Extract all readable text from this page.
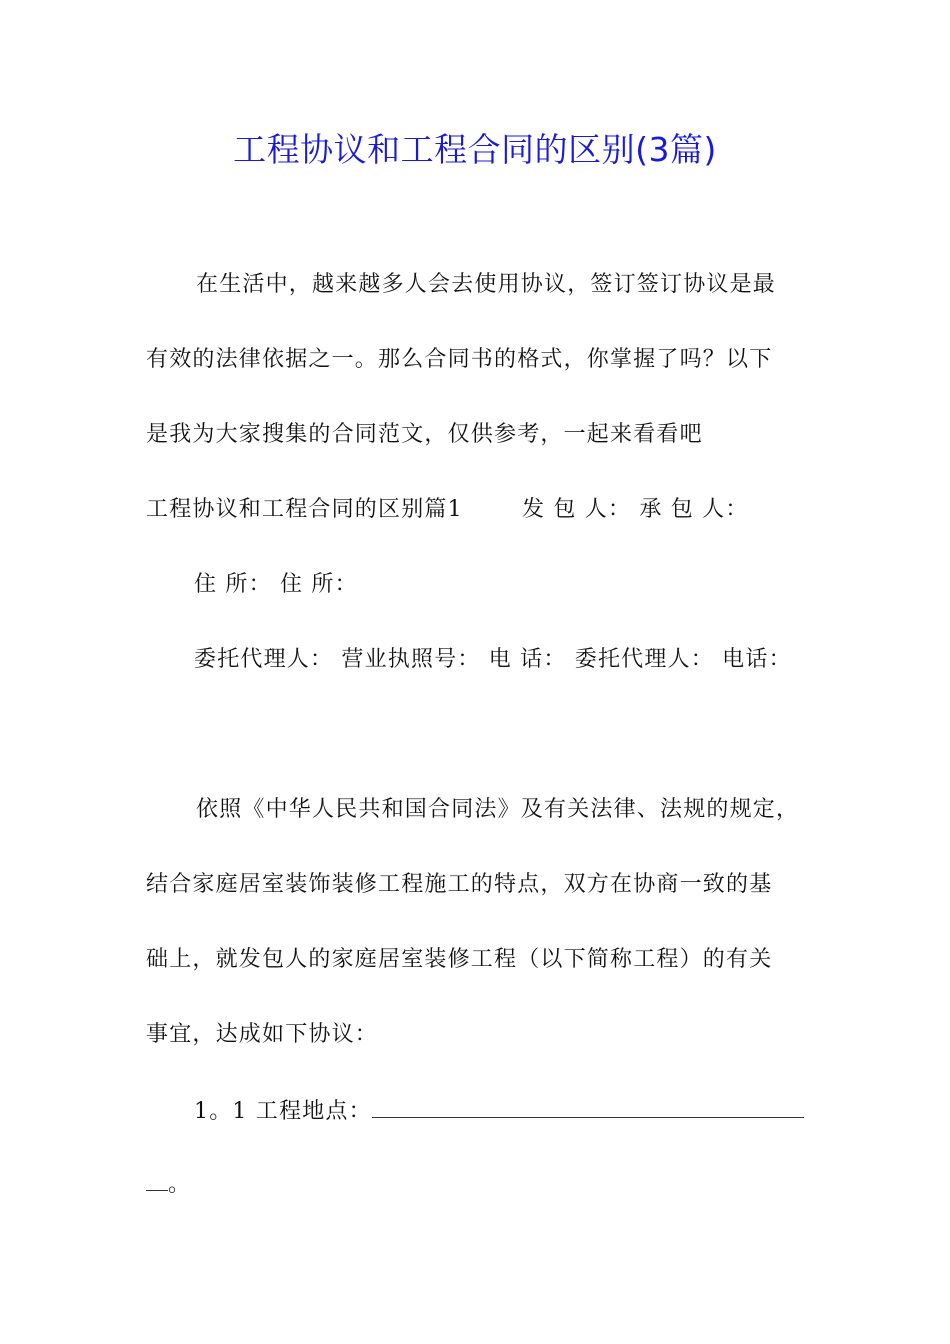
工程协议和工程合同的区别(3篇)
在生活中，越来越多人会去使用协议，签订签订协议是最
有效的法律依据之一。那么合同书的格式，你掌握了吗？以下
是我为大家搜集的合同范文，仅供参考，一起来看看吧
工程协议和工程合同的区别篇1	发 包 人： 承 包 人：
住 所： 住 所：
委托代理人： 营业执照号： 电 话： 委托代理人： 电话：
依照《中华人民共和国合同法》及有关法律、法规的规定，
结合家庭居室装饰装修工程施工的特点，双方在协商一致的基
础上，就发包人的家庭居室装修工程（以下简称工程）的有关
事宜，达成如下协议：
1。1 工程地点：
。
